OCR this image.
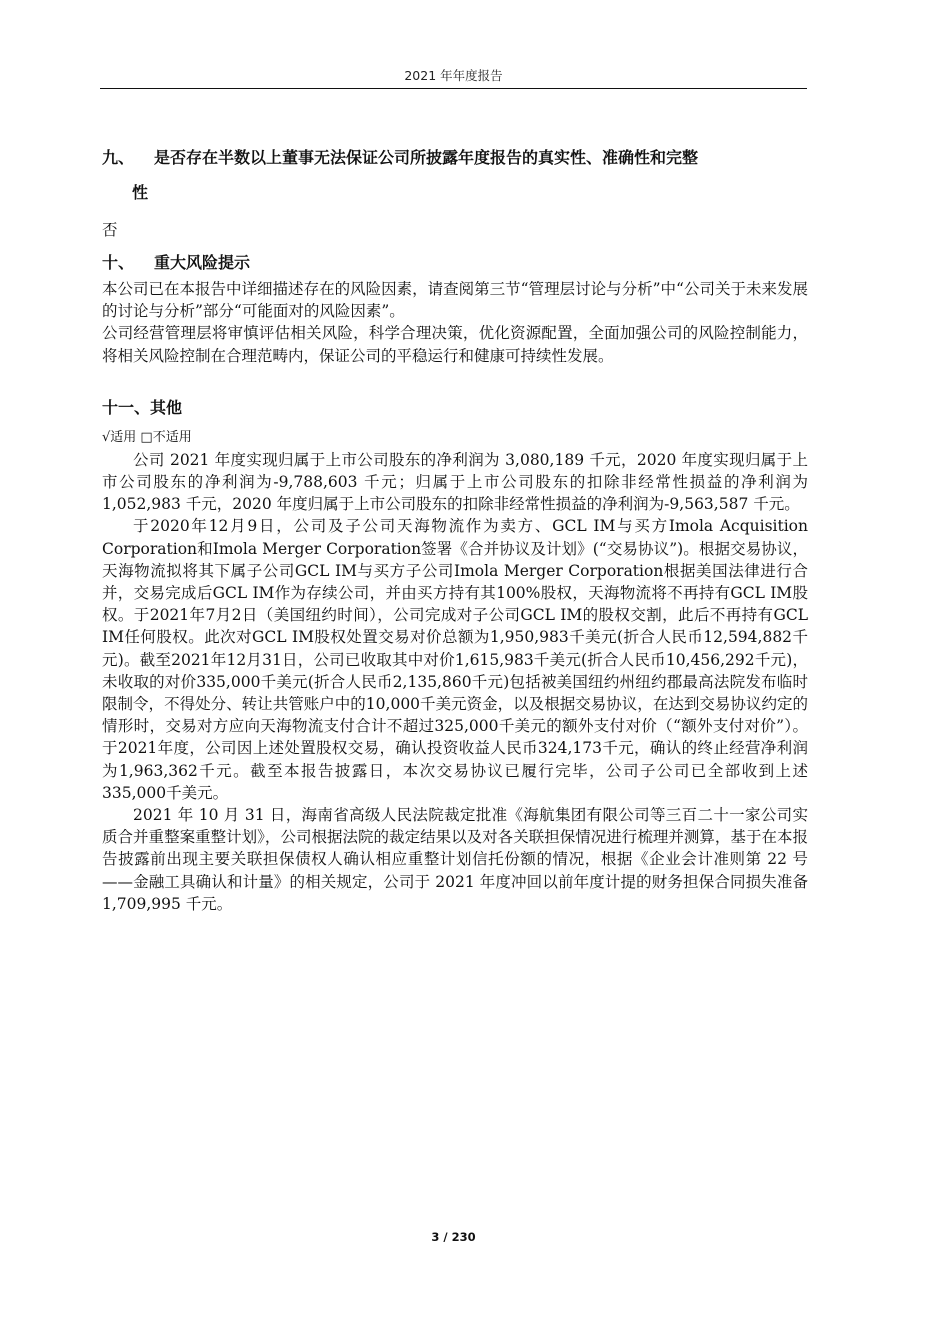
2021 年年度报告
九、 是否存在半数以上董事无法保证公司所披露年度报告的真实性、准确性和完整
性
否
十、 重大风险提示

本公司已在本报告中详细描述存在的风险因素，请查阅第三节“管理层讨论与分析”中“公司关于未来发展的讨论与分析”部分“可能面对的风险因素”。

公司经营管理层将审慎评估相关风险，科学合理决策，优化资源配置，全面加强公司的风险控制能力，将相关风险控制在合理范畴内，保证公司的平稳运行和健康可持续性发展。

十一、其他
√适用 □不适用

公司 2021 年度实现归属于上市公司股东的净利润为 3,080,189 千元，2020 年度实现归属于上市公司股东的净利润为-9,788,603 千元；归属于上市公司股东的扣除非经常性损益的净利润为 1,052,983 千元，2020 年度归属于上市公司股东的扣除非经常性损益的净利润为-9,563,587 千元。

于2020年12月9日，公司及子公司天海物流作为卖方、GCL IM与买方Imola Acquisition Corporation和Imola Merger Corporation签署《合并协议及计划》(“交易协议”)。根据交易协议，天海物流拟将其下属子公司GCL IM与买方子公司Imola Merger Corporation根据美国法律进行合并，交易完成后GCL IM作为存续公司，并由买方持有其100%股权，天海物流将不再持有GCL IM股权。于2021年7月2日（美国纽约时间），公司完成对子公司GCL IM的股权交割，此后不再持有GCL IM任何股权。此次对GCL IM股权处置交易对价总额为1,950,983千美元(折合人民币12,594,882千元)。截至2021年12月31日，公司已收取其中对价1,615,983千美元(折合人民币10,456,292千元)，未收取的对价335,000千美元(折合人民币2,135,860千元)包括被美国纽约州纽约郡最高法院发布临时限制令，不得处分、转让共管账户中的10,000千美元资金，以及根据交易协议，在达到交易协议约定的情形时，交易对方应向天海物流支付合计不超过325,000千美元的额外支付对价（“额外支付对价”）。于2021年度，公司因上述处置股权交易，确认投资收益人民币324,173千元，确认的终止经营净利润为1,963,362千元。截至本报告披露日，本次交易协议已履行完毕，公司子公司已全部收到上述335,000千美元。

2021 年 10 月 31 日，海南省高级人民法院裁定批准《海航集团有限公司等三百二十一家公司实质合并重整案重整计划》，公司根据法院的裁定结果以及对各关联担保情况进行梳理并测算，基于在本报告披露前出现主要关联担保债权人确认相应重整计划信托份额的情况，根据《企业会计准则第 22 号——金融工具确认和计量》的相关规定，公司于 2021 年度冲回以前年度计提的财务担保合同损失准备 1,709,995 千元。

3 / 230
